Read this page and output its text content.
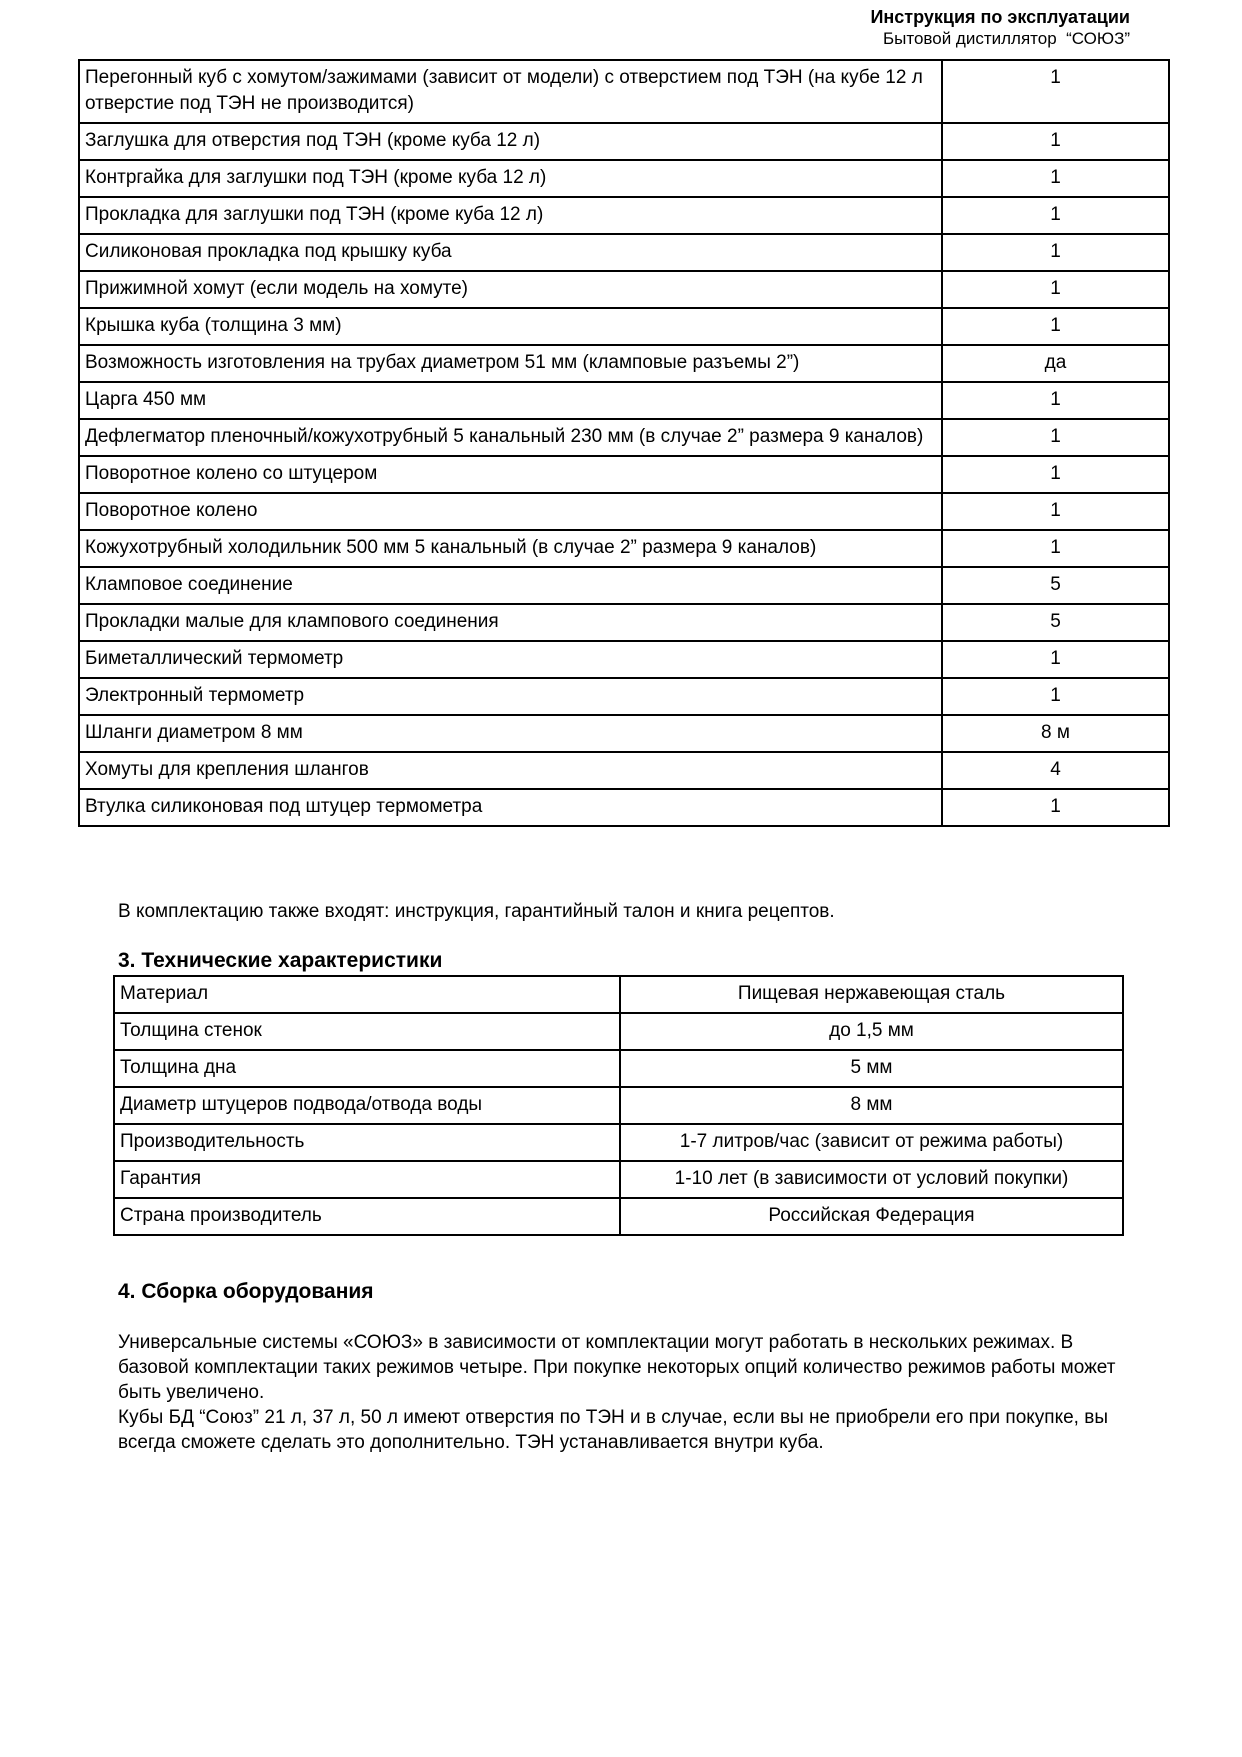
Инструкция по эксплуатации
Бытовой дистиллятор  “СОЮЗ”
Перегонный куб с хомутом/зажимами (зависит от модели) с отверстием под ТЭН (на кубе 12 л отверстие под ТЭН не производится)	1
Заглушка для отверстия под ТЭН (кроме куба 12 л)	1
Контргайка для заглушки под ТЭН (кроме куба 12 л)	1
Прокладка для заглушки под ТЭН (кроме куба 12 л)	1
Силиконовая прокладка под крышку куба	1
Прижимной хомут (если модель на хомуте)	1
Крышка куба (толщина 3 мм)	1
Возможность изготовления на трубах диаметром 51 мм (кламповые разъемы 2”)	да
Царга 450 мм	1
Дефлегматор пленочный/кожухотрубный 5 канальный 230 мм (в случае 2” размера 9 каналов)	1
Поворотное колено со штуцером	1
Поворотное колено	1
Кожухотрубный холодильник 500 мм 5 канальный (в случае 2” размера 9 каналов)	1
Кламповое соединение	5
Прокладки малые для клампового соединения	5
Биметаллический термометр	1
Электронный термометр	1
Шланги диаметром 8 мм	8 м
Хомуты для крепления шлангов	4
Втулка силиконовая под штуцер термометра	1
В комплектацию также входят: инструкция, гарантийный талон и книга рецептов.
3. Технические характеристики
Материал	Пищевая нержавеющая сталь
Толщина стенок	до 1,5 мм
Толщина дна	5 мм
Диаметр штуцеров подвода/отвода воды	8 мм
Производительность	1-7 литров/час (зависит от режима работы)
Гарантия	1-10 лет (в зависимости от условий покупки)
Страна производитель	Российская Федерация
4. Сборка оборудования

Универсальные системы «СОЮЗ» в зависимости от комплектации могут работать в нескольких режимах. В базовой комплектации таких режимов четыре. При покупке некоторых опций количество режимов работы может быть увеличено.

Кубы БД “Союз” 21 л, 37 л, 50 л имеют отверстия по ТЭН и в случае, если вы не приобрели его при покупке, вы всегда сможете сделать это дополнительно. ТЭН устанавливается внутри куба.
